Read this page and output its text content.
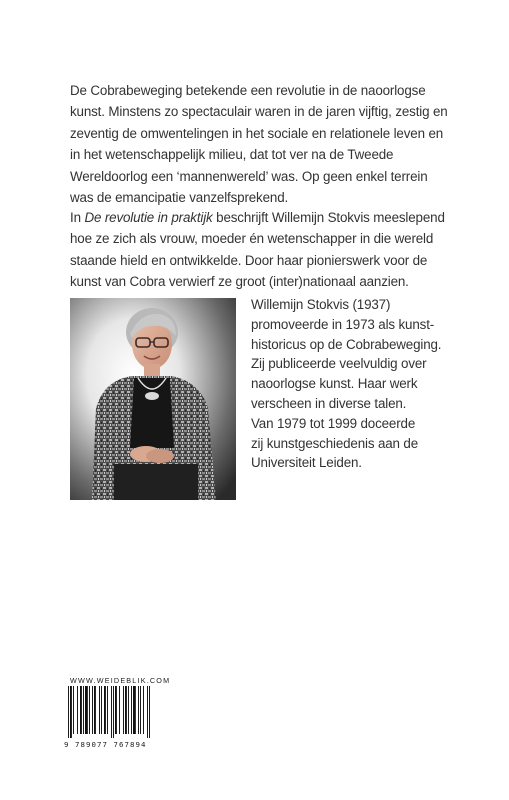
De Cobrabeweging betekende een revolutie in de naoorlogse kunst. Minstens zo spectaculair waren in de jaren vijftig, zestig en zeventig de omwentelingen in het sociale en relationele leven en in het wetenschappelijk milieu, dat tot ver na de Tweede Wereldoorlog een ‘mannenwereld’ was. Op geen enkel terrein was de emancipatie vanzelfsprekend.

In De revolutie in praktijk beschrijft Willemijn Stokvis meeslepend hoe ze zich als vrouw, moeder én wetenschapper in die wereld staande hield en ontwikkelde. Door haar pionierswerk voor de kunst van Cobra verwierf ze groot (inter)nationaal aanzien.

Willemijn Stokvis (1937)
promoveerde in 1973 als kunst-
historicus op de Cobrabeweging.
Zij publiceerde veelvuldig over
naoorlogse kunst. Haar werk
verscheen in diverse talen.
Van 1979 tot 1999 doceerde
zij kunstgeschiedenis aan de
Universiteit Leiden.
WWW.WEIDEBLIK.COM
9 789077 767894
